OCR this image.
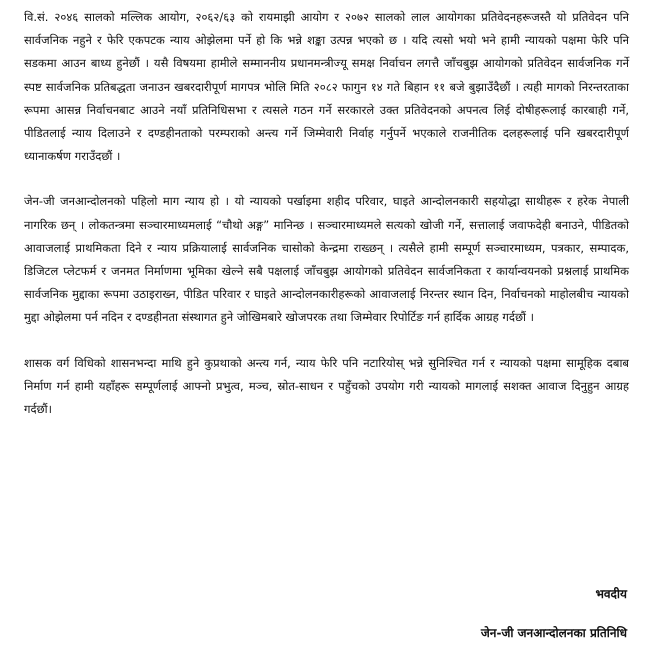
वि.सं. २०४६ सालको मल्लिक आयोग, २०६२/६३ को रायमाझी आयोग र २०७२ सालको लाल आयोगका प्रतिवेदनहरूजस्तै यो प्रतिवेदन पनि सार्वजनिक नहुने र फेरि एकपटक न्याय ओझेलमा पर्ने हो कि भन्ने शङ्का उत्पन्न भएको छ । यदि त्यसो भयो भने हामी न्यायको पक्षमा फेरि पनि सडकमा आउन बाध्य हुनेछौं । यसै विषयमा हामीले सम्माननीय प्रधानमन्त्रीज्यू समक्ष निर्वाचन लगत्तै जाँचबुझ आयोगको प्रतिवेदन सार्वजनिक गर्ने स्पष्ट सार्वजनिक प्रतिबद्धता जनाउन खबरदारीपूर्ण मागपत्र भोलि मिति २०८२ फागुन १४ गते बिहान ११ बजे बुझाउँदैछौं । त्यही मागको निरन्तरताका रूपमा आसन्न निर्वाचनबाट आउने नयाँ प्रतिनिधिसभा र त्यसले गठन गर्ने सरकारले उक्त प्रतिवेदनको अपनत्व लिई दोषीहरूलाई कारबाही गर्ने, पीडितलाई न्याय दिलाउने र दण्डहीनताको परम्पराको अन्त्य गर्ने जिम्मेवारी निर्वाह गर्नुपर्ने भएकाले राजनीतिक दलहरूलाई पनि खबरदारीपूर्ण ध्यानाकर्षण गराउँदछौं ।

जेन-जी जनआन्दोलनको पहिलो माग न्याय हो । यो न्यायको पर्खाइमा शहीद परिवार, घाइते आन्दोलनकारी सहयोद्धा साथीहरू र हरेक नेपाली नागरिक छन् । लोकतन्त्रमा सञ्चारमाध्यमलाई “चौथो अङ्ग” मानिन्छ । सञ्चारमाध्यमले सत्यको खोजी गर्ने, सत्तालाई जवाफदेही बनाउने, पीडितको आवाजलाई प्राथमिकता दिने र न्याय प्रक्रियालाई सार्वजनिक चासोको केन्द्रमा राख्छन् । त्यसैले हामी सम्पूर्ण सञ्चारमाध्यम, पत्रकार, सम्पादक, डिजिटल प्लेटफर्म र जनमत निर्माणमा भूमिका खेल्ने सबै पक्षलाई जाँचबुझ आयोगको प्रतिवेदन सार्वजनिकता र कार्यान्वयनको प्रश्नलाई प्राथमिक सार्वजनिक मुद्दाका रूपमा उठाइराख्न, पीडित परिवार र घाइते आन्दोलनकारीहरूको आवाजलाई निरन्तर स्थान दिन, निर्वाचनको माहोलबीच न्यायको मुद्दा ओझेलमा पर्न नदिन र दण्डहीनता संस्थागत हुने जोखिमबारे खोजपरक तथा जिम्मेवार रिपोर्टिङ गर्न हार्दिक आग्रह गर्दछौं ।

शासक वर्ग विधिको शासनभन्दा माथि हुने कुप्रथाको अन्त्य गर्न, न्याय फेरि पनि नटारियोस् भन्ने सुनिश्चित गर्न र न्यायको पक्षमा सामूहिक दबाब निर्माण गर्न हामी यहाँहरू सम्पूर्णलाई आफ्नो प्रभुत्व, मञ्च, स्रोत-साधन र पहुँचको उपयोग गरी न्यायको मागलाई सशक्त आवाज दिनुहुन आग्रह गर्दछौं।

भवदीय
जेन-जी जनआन्दोलनका प्रतिनिधि
